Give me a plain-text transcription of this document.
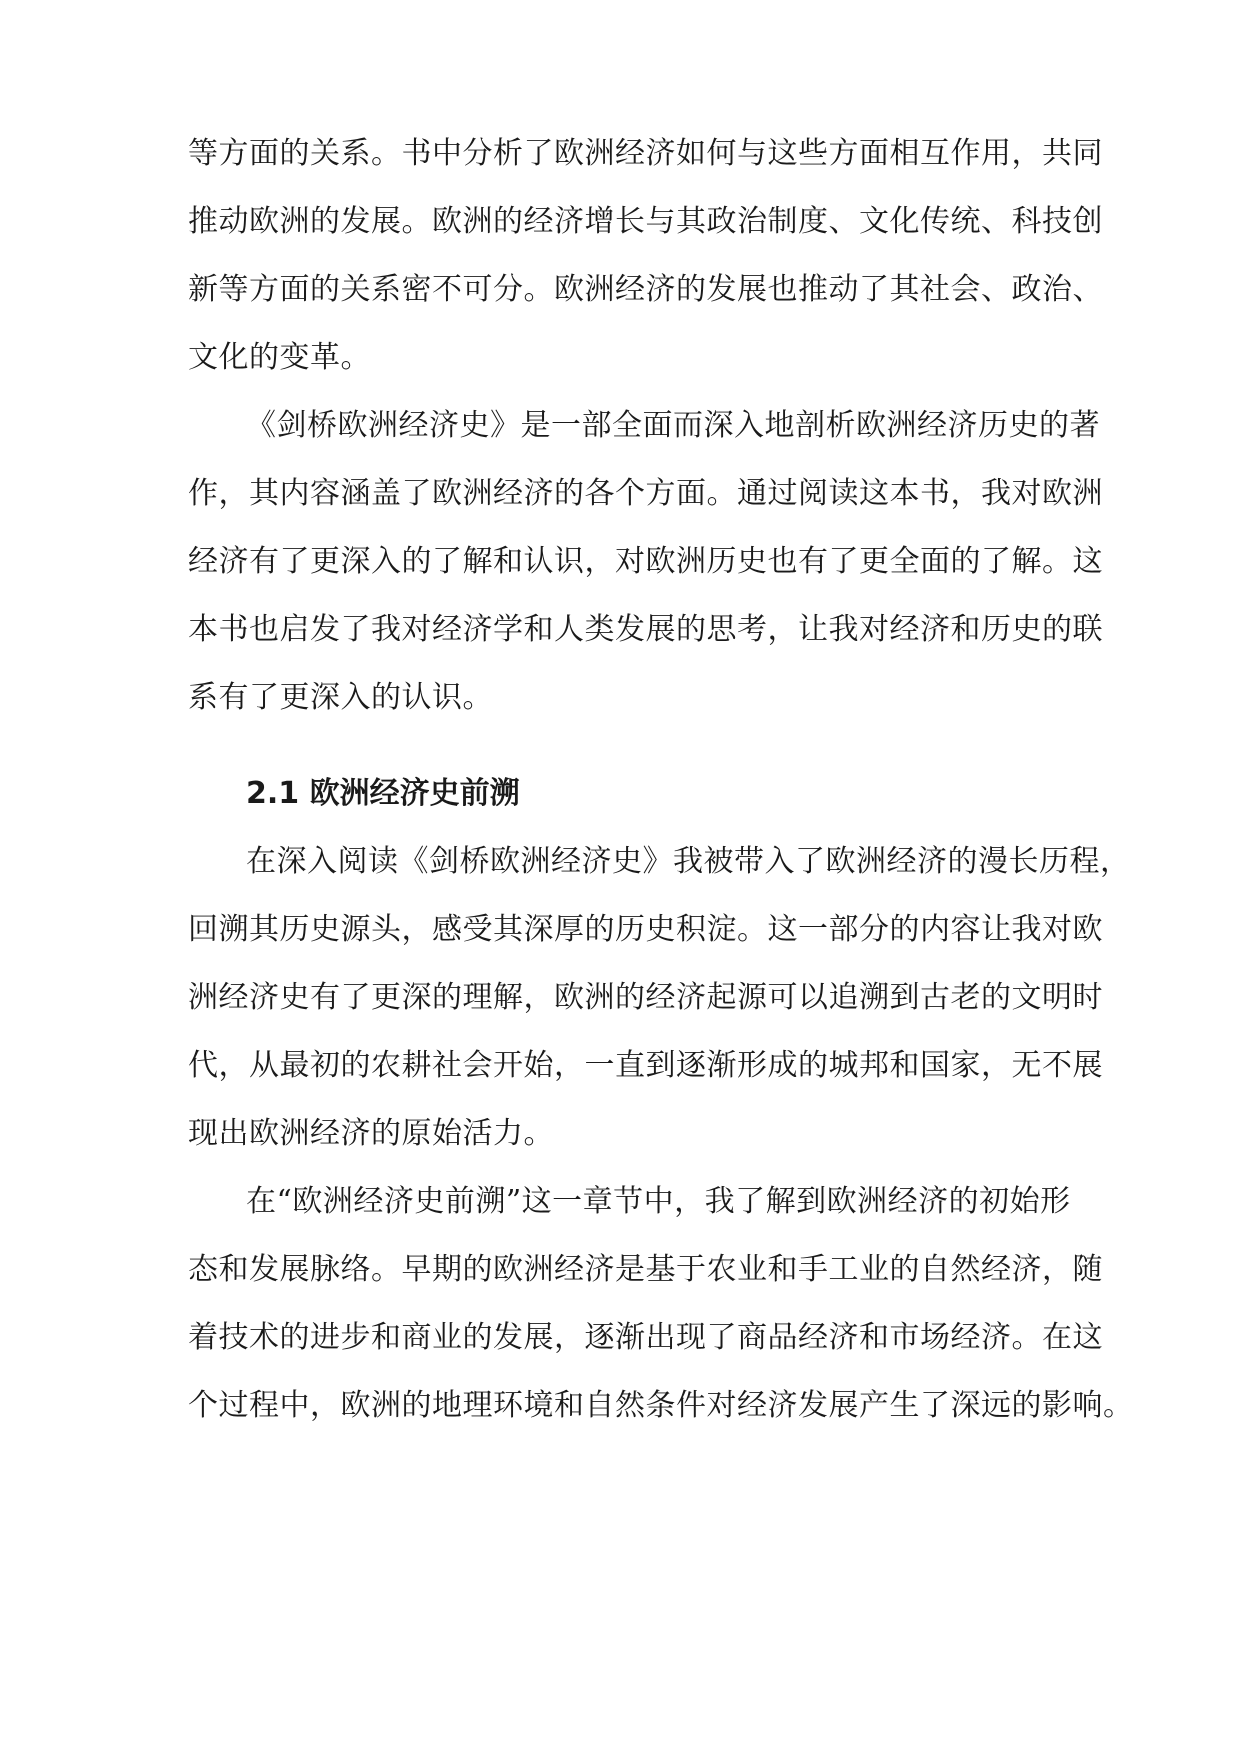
等方面的关系。书中分析了欧洲经济如何与这些方面相互作用，共同
推动欧洲的发展。欧洲的经济增长与其政治制度、文化传统、科技创
新等方面的关系密不可分。欧洲经济的发展也推动了其社会、政治、
文化的变革。
《剑桥欧洲经济史》是一部全面而深入地剖析欧洲经济历史的著
作，其内容涵盖了欧洲经济的各个方面。通过阅读这本书，我对欧洲
经济有了更深入的了解和认识，对欧洲历史也有了更全面的了解。这
本书也启发了我对经济学和人类发展的思考，让我对经济和历史的联
系有了更深入的认识。
2.1 欧洲经济史前溯
在深入阅读《剑桥欧洲经济史》我被带入了欧洲经济的漫长历程，
回溯其历史源头，感受其深厚的历史积淀。这一部分的内容让我对欧
洲经济史有了更深的理解，欧洲的经济起源可以追溯到古老的文明时
代，从最初的农耕社会开始，一直到逐渐形成的城邦和国家，无不展
现出欧洲经济的原始活力。
在“欧洲经济史前溯”这一章节中，我了解到欧洲经济的初始形
态和发展脉络。早期的欧洲经济是基于农业和手工业的自然经济，随
着技术的进步和商业的发展，逐渐出现了商品经济和市场经济。在这
个过程中，欧洲的地理环境和自然条件对经济发展产生了深远的影响。
